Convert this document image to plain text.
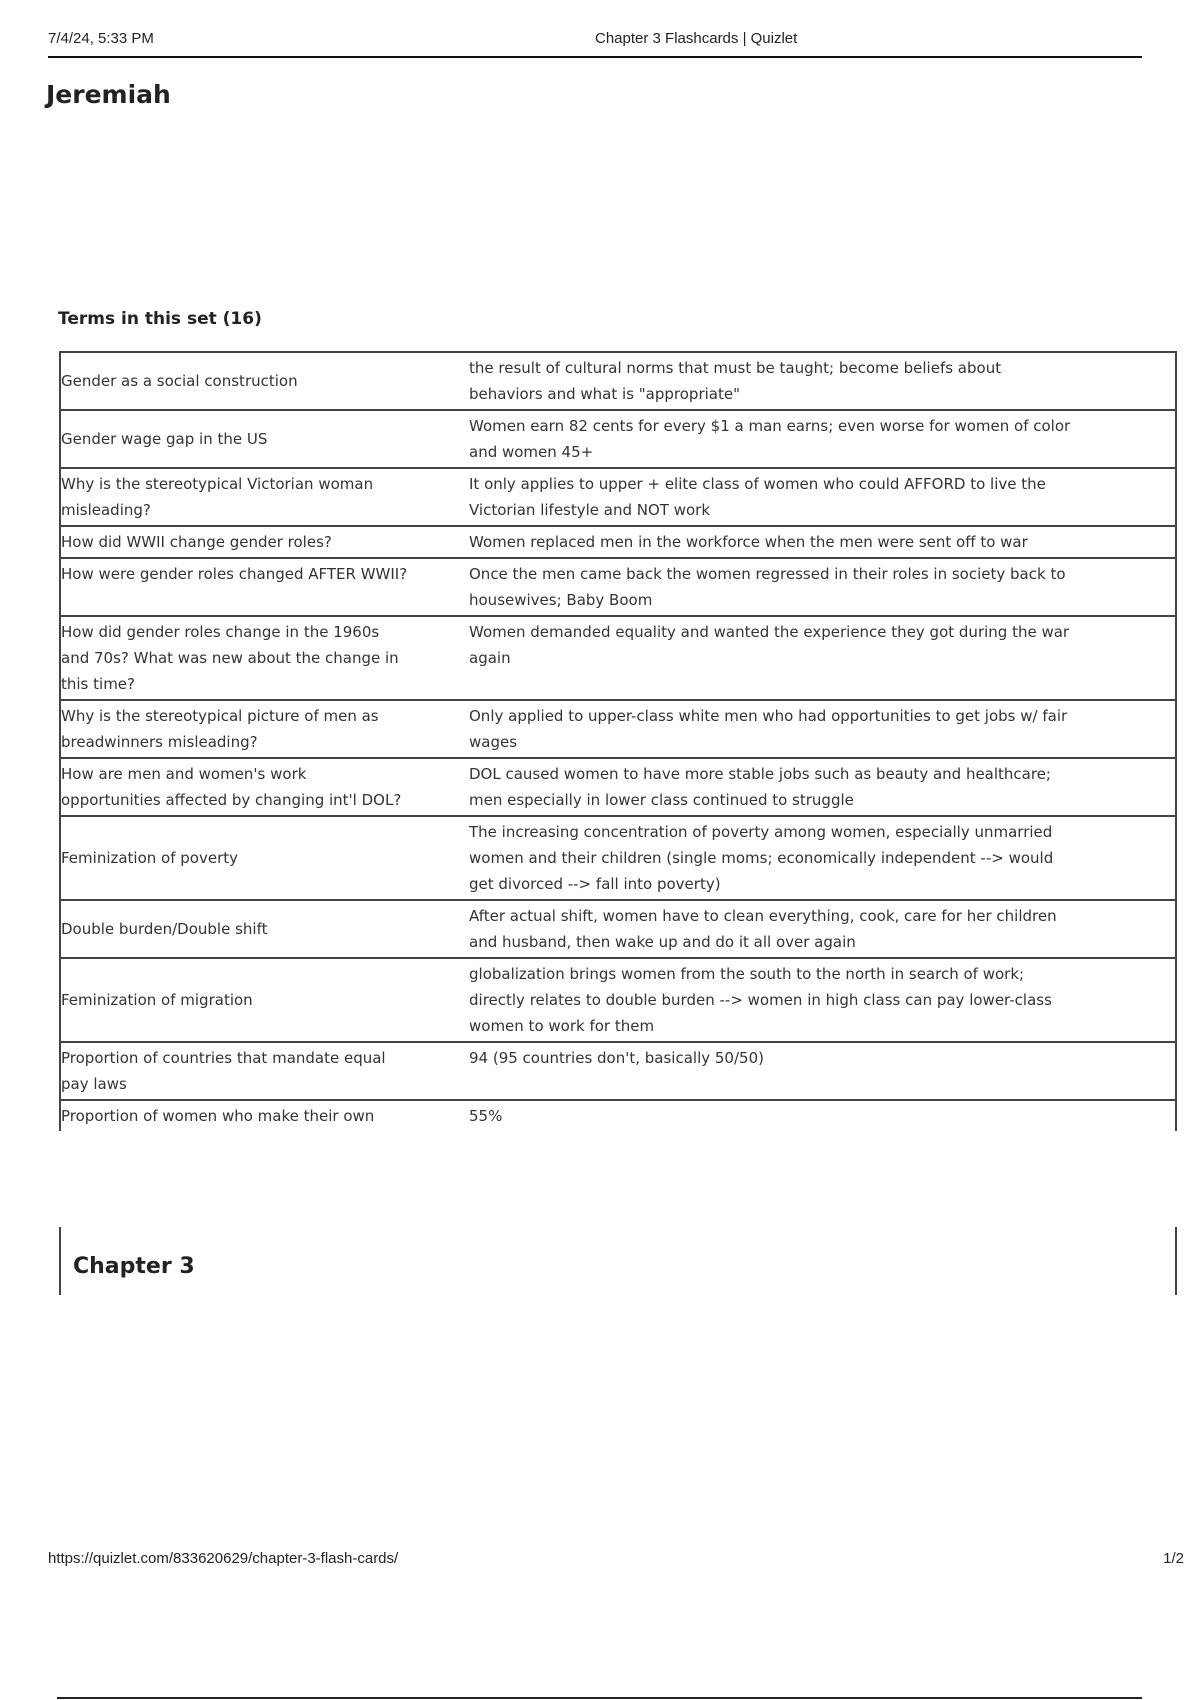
7/4/24, 5:33 PM	Chapter 3 Flashcards | Quizlet
Jeremiah
Terms in this set (16)
Gender as a social construction	the result of cultural norms that must be taught; become beliefs about behaviors and what is "appropriate"
Gender wage gap in the US	Women earn 82 cents for every $1 a man earns; even worse for women of color and women 45+
Why is the stereotypical Victorian woman misleading?	It only applies to upper + elite class of women who could AFFORD to live the Victorian lifestyle and NOT work
How did WWII change gender roles?	Women replaced men in the workforce when the men were sent off to war
How were gender roles changed AFTER WWII?	Once the men came back the women regressed in their roles in society back to housewives; Baby Boom
How did gender roles change in the 1960s and 70s? What was new about the change in this time?	Women demanded equality and wanted the experience they got during the war again
Why is the stereotypical picture of men as breadwinners misleading?	Only applied to upper-class white men who had opportunities to get jobs w/ fair wages
How are men and women's work opportunities affected by changing int'l DOL?	DOL caused women to have more stable jobs such as beauty and healthcare; men especially in lower class continued to struggle
Feminization of poverty	The increasing concentration of poverty among women, especially unmarried women and their children (single moms; economically independent --> would get divorced --> fall into poverty)
Double burden/Double shift	After actual shift, women have to clean everything, cook, care for her children and husband, then wake up and do it all over again
Feminization of migration	globalization brings women from the south to the north in search of work; directly relates to double burden --> women in high class can pay lower-class women to work for them
Proportion of countries that mandate equal pay laws	94 (95 countries don't, basically 50/50)
Proportion of women who make their own	55%
Chapter 3
https://quizlet.com/833620629/chapter-3-flash-cards/	1/2
